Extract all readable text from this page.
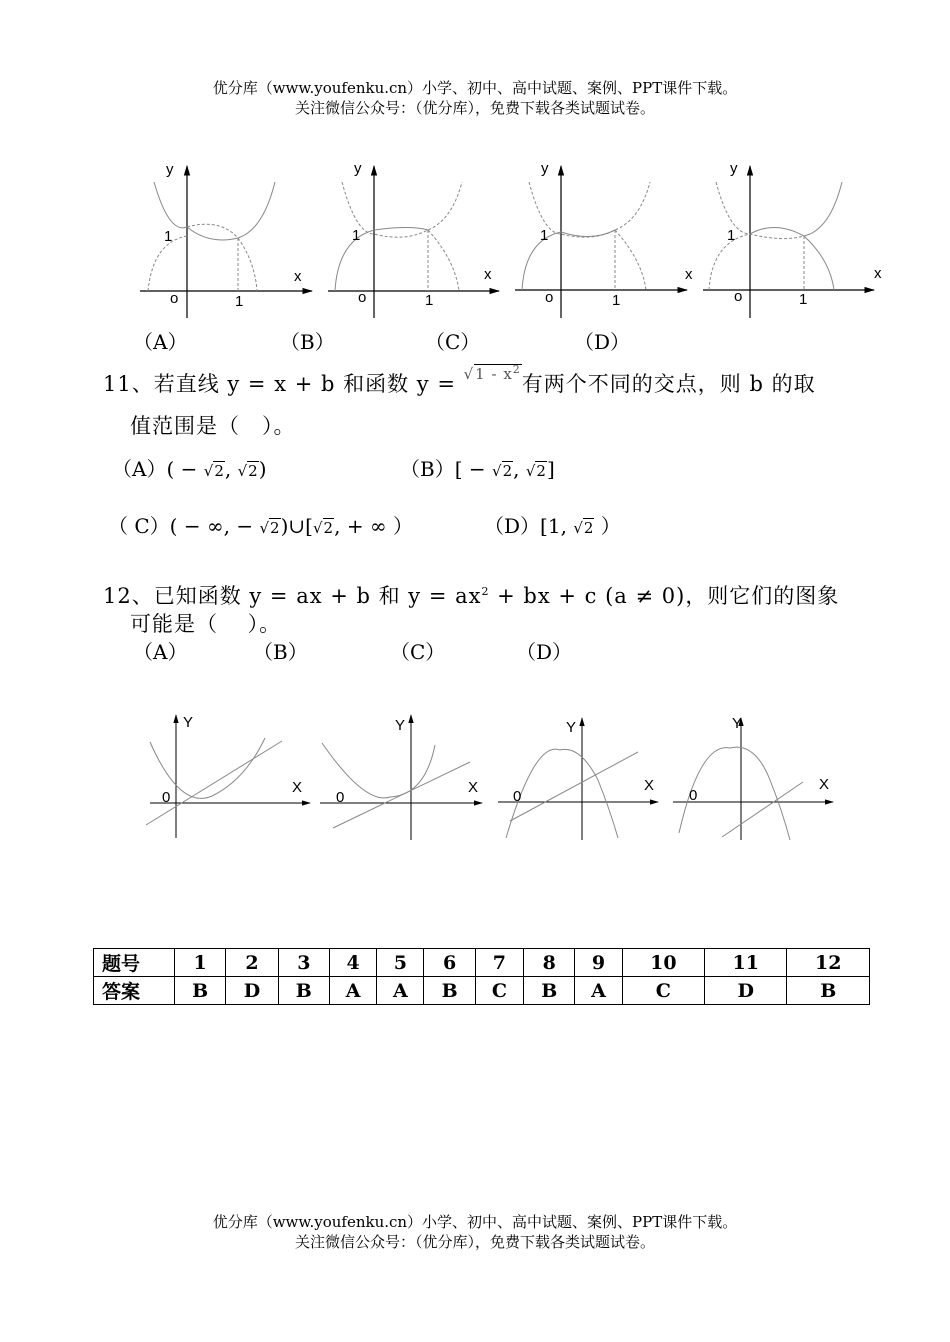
优分库（www.youfenku.cn）小学、初中、高中试题、案例、PPT课件下载。
关注微信公众号：（优分库），免费下载各类试题试卷。
y
x
1
o	1
y
x
1
o	1
y
1
o	1
y
x
1
o	1
x
（A）	（B）	（C）	（D）
11、若直线 y = x + b 和函数 y = $^{√1 - x^2}$有两个不同的交点，则 b 的取
值范围是（　）。
（A）( − √2, √2)	（B）[ − √2, √2]
（ C）( − ∞, − √2)∪[√2, + ∞ ）	（D）[1, √2 ）
12、已知函数 y = ax + b 和 $y = ax^2$ + bx + c (a ≠ 0)，则它们的图象
可能是（　 ）。
（A）	（B）	（C）	（D）
Y
X
0
Y
X
0
Y
X
0
Y
X
0
题号	1	2	3	4	5	6	7	8	9	10	11	12
答案	B	D	B	A	A	B	C	B	A	C	D	B
优分库（www.youfenku.cn）小学、初中、高中试题、案例、PPT课件下载。
关注微信公众号：（优分库），免费下载各类试题试卷。
